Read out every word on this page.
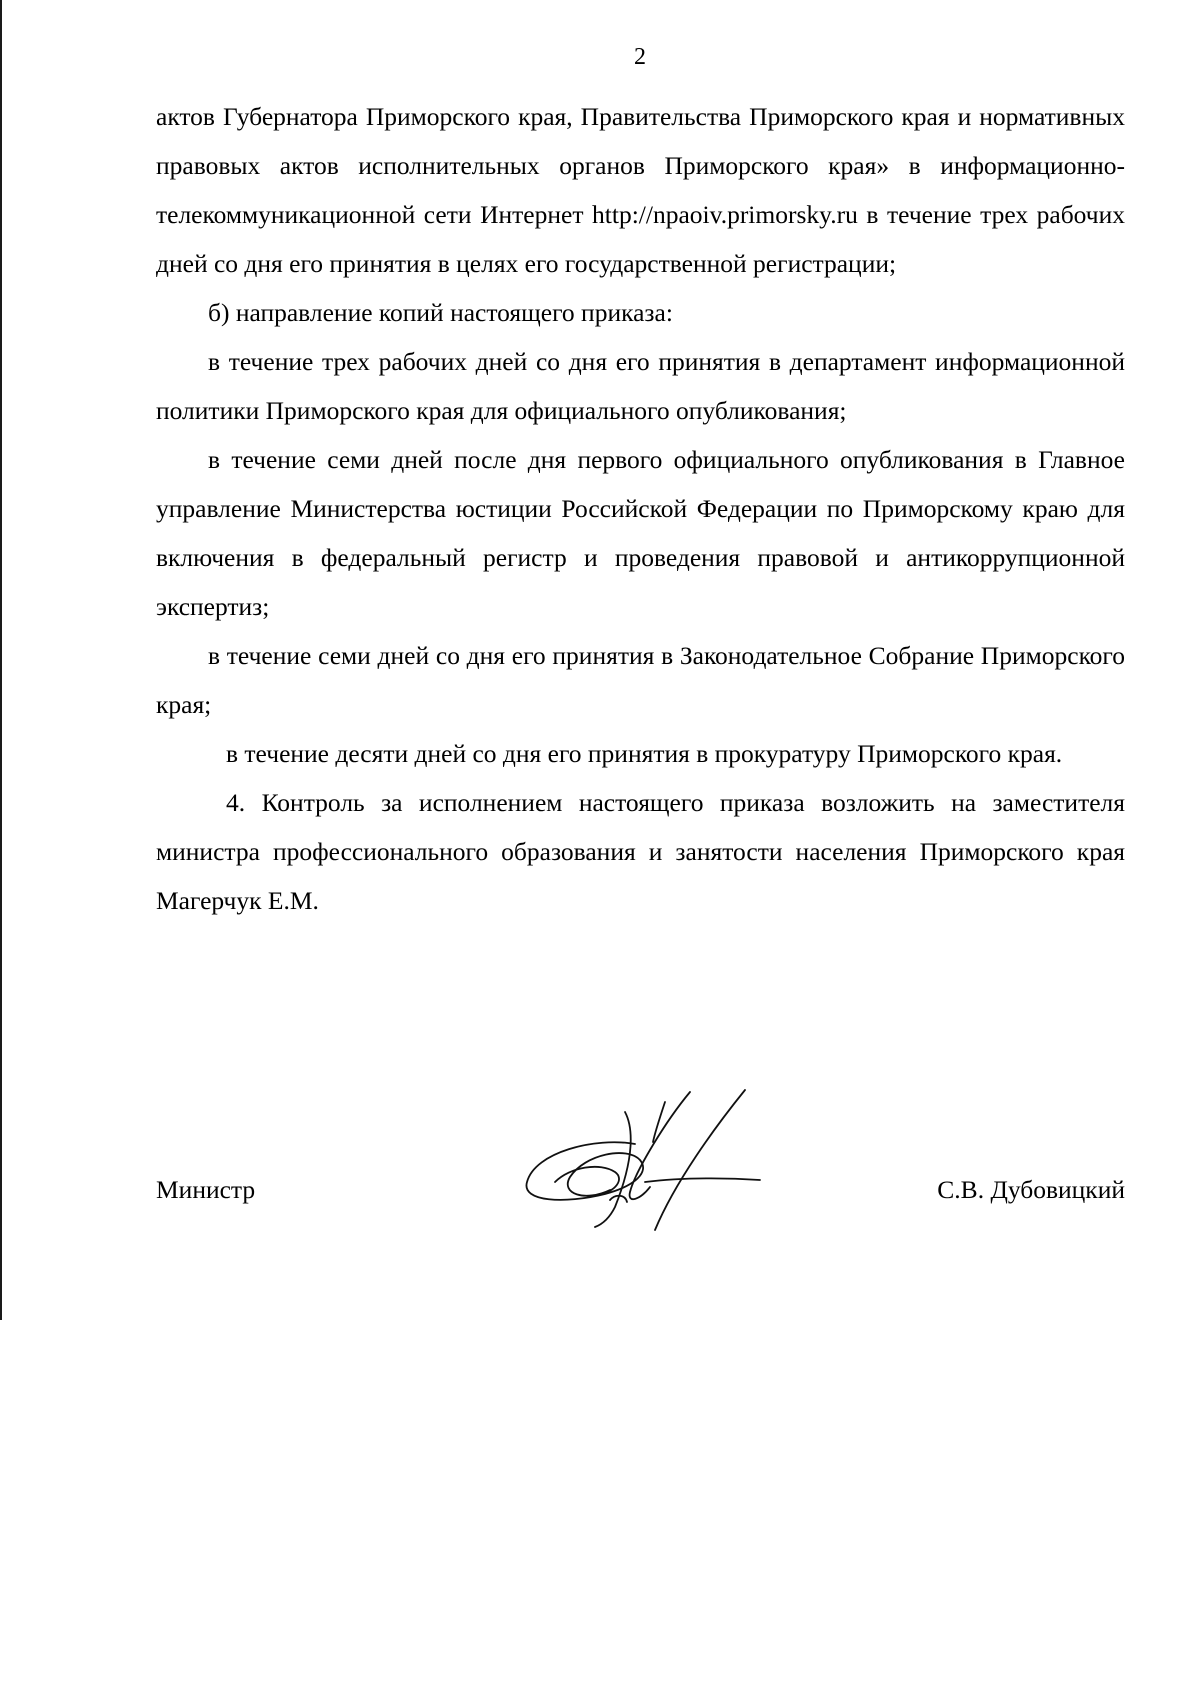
2

актов Губернатора Приморского края, Правительства Приморского края и нормативных правовых актов исполнительных органов Приморского края» в информационно-телекоммуникационной сети Интернет http://npaoiv.primorsky.ru в течение трех рабочих дней со дня его принятия в целях его государственной регистрации;

б) направление копий настоящего приказа:

в течение трех рабочих дней со дня его принятия в департамент информационной политики Приморского края для официального опубликования;

в течение семи дней после дня первого официального опубликования в Главное управление Министерства юстиции Российской Федерации по Приморскому краю для включения в федеральный регистр и проведения правовой и антикоррупционной экспертиз;

в течение семи дней со дня его принятия в Законодательное Собрание Приморского края;

в течение десяти дней со дня его принятия в прокуратуру Приморского края.

4. Контроль за исполнением настоящего приказа возложить на заместителя министра профессионального образования и занятости населения Приморского края Магерчук Е.М.

Министр	С.В. Дубовицкий
